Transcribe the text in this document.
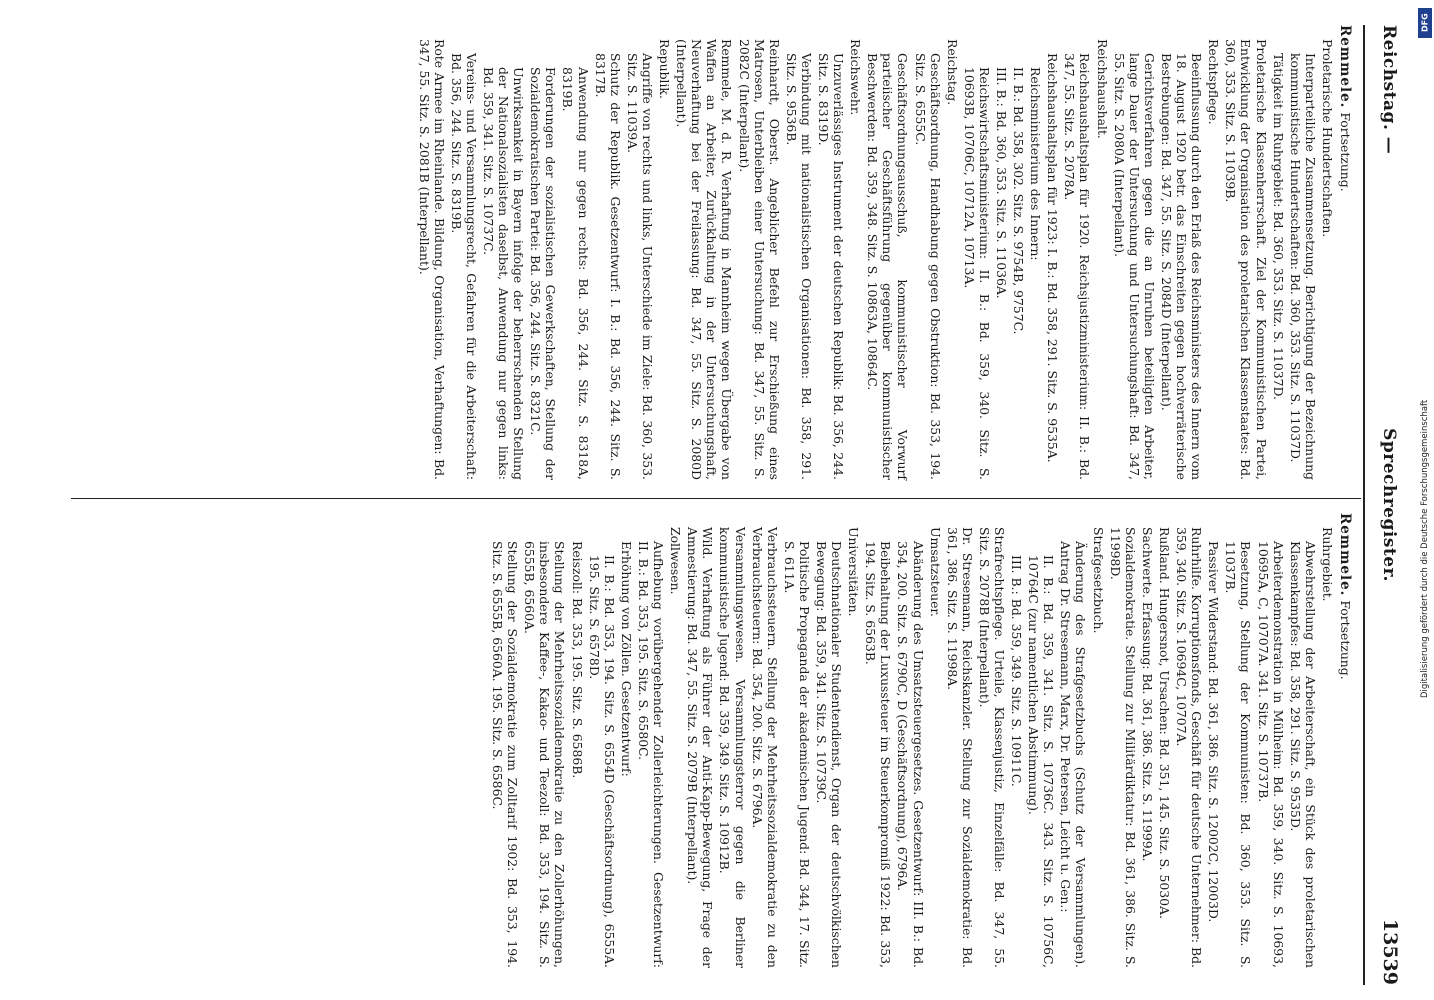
Reichstag. —
Sprechregister.
13539
Remmele. Fortsetzung.
Proletarische Hundertschaften.
Interparteiliche Zusammensetzung. Berichtigung der Bezeichnung kommunistische Hundertschaften: Bd. 360, 353. Sitz. S. 11037D.
Tätigkeit im Ruhrgebiet: Bd. 360, 353. Sitz. S. 11037D.
Proletarische Klassenherrschaft. Ziel der Kommunistischen Partei, Entwicklung der Organisation des proletarischen Klassenstaates: Bd. 360, 353. Sitz. S. 11039B.
Rechtspflege.
Beeinflussung durch den Erlaß des Reichsministers des Innern vom 18. August 1920 betr. das Einschreiten gegen hochverräterische Bestrebungen: Bd. 347, 55. Sitz. S. 2084D (Interpellant).
Gerichtsverfahren gegen die an Unruhen beteiligten Arbeiter, lange Dauer der Untersuchung und Untersuchungshaft: Bd. 347, 55. Sitz. S. 2080A (Interpellant).
Reichshaushalt.
Reichshaushaltsplan für 1920. Reichsjustizministerium: II. B.: Bd. 347, 55. Sitz. S. 2078A.
Reichshaushaltsplan für 1923: I. B.: Bd. 358, 291. Sitz. S. 9535A.
Reichsministerium des Innern:
II. B.: Bd. 358, 302. Sitz. S. 9754B, 9757C.
III. B.: Bd. 360, 353. Sitz. S. 11036A.
Reichswirtschaftsministerium: II. B.: Bd. 359, 340. Sitz. S. 10693B, 10706C, 10712A, 10713A.
Reichstag.
Geschäftsordnung, Handhabung gegen Obstruktion: Bd. 353, 194. Sitz. S. 6555C.
Geschäftsordnungsausschuß, kommunistischer Vorwurf parteiischer Geschäftsführung gegenüber kommunistischer Beschwerden: Bd. 359, 348. Sitz. S. 10863A, 10864C.
Reichswehr.
Unzuverlässiges Instrument der deutschen Republik: Bd. 356, 244. Sitz. S. 8319D.
Verbindung mit nationalistischen Organisationen: Bd. 358, 291. Sitz. S. 9536B.
Reinhardt, Oberst. Angeblicher Befehl zur Erschießung eines Matrosen, Unterbleiben einer Untersuchung: Bd. 347, 55. Sitz. S. 2082C (Interpellant).
Remmele, M. d. R. Verhaftung in Mannheim wegen Übergabe von Waffen an Arbeiter, Zurückhaltung in der Untersuchungshaft, Neuverhaftung bei der Freilassung: Bd. 347, 55. Sitz. S. 2080D (Interpellant).
Republik.
Angriffe von rechts und links, Unterschiede im Ziele: Bd. 360, 353. Sitz. S. 11039A.
Schutz der Republik. Gesetzentwurf: I. B.: Bd. 356, 244. Sitz. S. 8317B.
Anwendung nur gegen rechts: Bd. 356, 244. Sitz. S. 8318A, 8319B.
Forderungen der sozialistischen Gewerkschaften, Stellung der Sozialdemokratischen Partei: Bd. 356, 244. Sitz. S. 8321C.
Unwirksamkeit in Bayern infolge der beherrschenden Stellung der Nationalsozialisten daselbst, Anwendung nur gegen links: Bd. 359, 341. Sitz. S. 10737C.
Vereins- und Versammlungsrecht, Gefahren für die Arbeiterschaft: Bd. 356, 244. Sitz. S. 8319B.
Rote Armee im Rheinlande. Bildung, Organisation, Verhaftungen: Bd. 347, 55. Sitz. S. 2081B (Interpellant).
Remmele. Fortsetzung.
Ruhrgebiet.
Abwehrstellung der Arbeiterschaft, ein Stück des proletarischen Klassenkampfes: Bd. 358, 291. Sitz. S. 9535D.
Arbeiterdemonstration in Mülheim: Bd. 359, 340. Sitz. S. 10693, 10695A, C, 10707A. 341. Sitz. S. 10737B.
Besetzung, Stellung der Kommunisten: Bd. 360, 353. Sitz. S. 11037B.
Passiver Widerstand: Bd. 361, 386. Sitz. S. 12002C, 12003D.
Ruhrhilfe. Korruptionsfonds, Geschäft für deutsche Unternehmer: Bd. 359, 340. Sitz. S. 10694C, 10707A.
Rußland. Hungersnot, Ursachen: Bd. 351, 145. Sitz. S. 5030A.
Sachwerte. Erfassung: Bd. 361, 386. Sitz. S. 11999A.
Sozialdemokratie. Stellung zur Militärdiktatur: Bd. 361, 386. Sitz. S. 11998D.
Strafgesetzbuch.
Änderung des Strafgesetzbuchs (Schutz der Versammlungen). Antrag Dr. Stresemann, Marx, Dr. Petersen, Leicht u. Gen.:
II. B.: Bd. 359, 341. Sitz. S. 10736C. 343. Sitz. S. 10756C, 10764C (zur namentlichen Abstimmung).
III. B.: Bd. 359, 349. Sitz. S. 10911C.
Strafrechtspflege. Urteile, Klassenjustiz, Einzelfälle: Bd. 347, 55. Sitz. S. 2078B (Interpellant).
Dr. Stresemann, Reichskanzler. Stellung zur Sozialdemokratie: Bd. 361, 386. Sitz. S. 11998A.
Umsatzsteuer.
Abänderung des Umsatzsteuergesetzes. Gesetzentwurf: III. B.: Bd. 354, 200. Sitz. S. 6790C, D (Geschäftsordnung), 6796A.
Beibehaltung der Luxussteuer im Steuerkompromiß 1922: Bd. 353, 194. Sitz. S. 6563B.
Universitäten.
Deutschnationaler Studentendienst, Organ der deutschvölkischen Bewegung: Bd. 359, 341. Sitz. S. 10739C.
Politische Propaganda der akademischen Jugend: Bd. 344, 17. Sitz. S. 611A.
Verbrauchssteuern. Stellung der Mehrheitssozialdemokratie zu den Verbrauchsteuern: Bd. 354, 200. Sitz. S. 6796A.
Versammlungswesen. Versammlungsterror gegen die Berliner kommunistische Jugend: Bd. 359, 349. Sitz. S. 10912B.
Wild. Verhaftung als Führer der Anti-Kapp-Bewegung, Frage der Amnestierung: Bd. 347, 55. Sitz. S. 2079B (Interpellant).
Zollwesen.
Aufhebung vorübergehender Zollerleichterungen. Gesetzentwurf: II. B.: Bd. 353, 195. Sitz. S. 6580C.
Erhöhung von Zöllen. Gesetzentwurf:
II. B.: Bd. 353, 194. Sitz. S. 6554D (Geschäftsordnung), 6555A. 195. Sitz. S. 6578D.
Reiszoll: Bd. 353, 195. Sitz. S. 6586B.
Stellung der Mehrheitssozialdemokratie zu den Zollerhöhungen, insbesondere Kaffee-, Kakao- und Teezoll: Bd. 353, 194. Sitz. S. 6555B, 6560A.
Stellung der Sozialdemokratie zum Zolltarif 1902: Bd. 353, 194. Sitz. S. 6555B, 6560A. 195. Sitz. S. 6586C.
DFG
Digitalisierung gefördert durch die Deutsche Forschungsgemeinschaft
